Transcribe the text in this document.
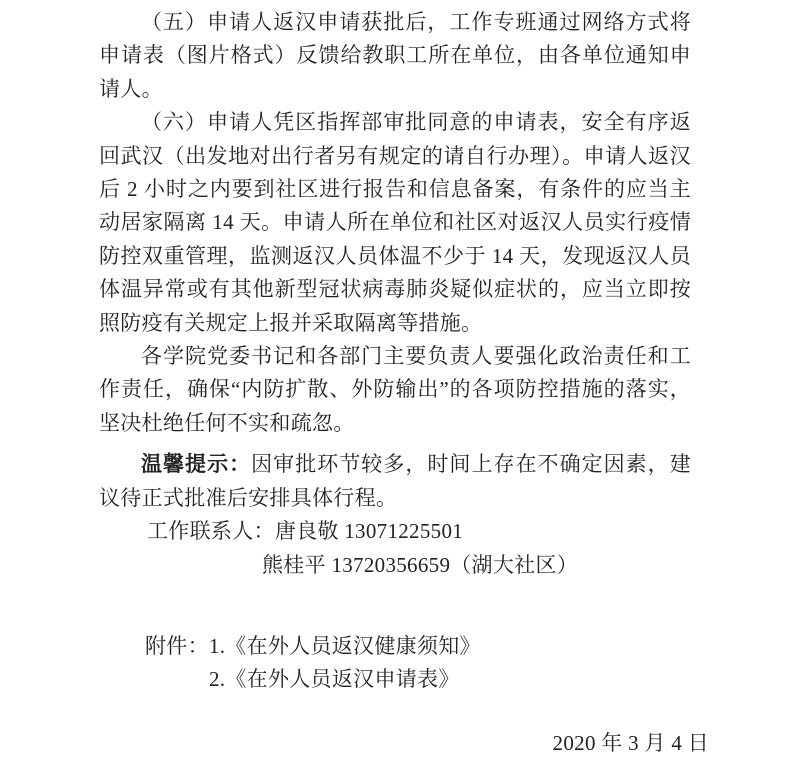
（五）申请人返汉申请获批后，工作专班通过网络方式将申请表（图片格式）反馈给教职工所在单位，由各单位通知申请人。

（六）申请人凭区指挥部审批同意的申请表，安全有序返回武汉（出发地对出行者另有规定的请自行办理）。申请人返汉后 2 小时之内要到社区进行报告和信息备案，有条件的应当主动居家隔离 14 天。申请人所在单位和社区对返汉人员实行疫情防控双重管理，监测返汉人员体温不少于 14 天，发现返汉人员体温异常或有其他新型冠状病毒肺炎疑似症状的，应当立即按照防疫有关规定上报并采取隔离等措施。

各学院党委书记和各部门主要负责人要强化政治责任和工作责任，确保“内防扩散、外防输出”的各项防控措施的落实，坚决杜绝任何不实和疏忽。

温馨提示：因审批环节较多，时间上存在不确定因素，建议待正式批准后安排具体行程。

工作联系人：唐良敬 13071225501

熊桂平 13720356659（湖大社区）

附件：1.《在外人员返汉健康须知》

2.《在外人员返汉申请表》

2020 年 3 月 4 日
